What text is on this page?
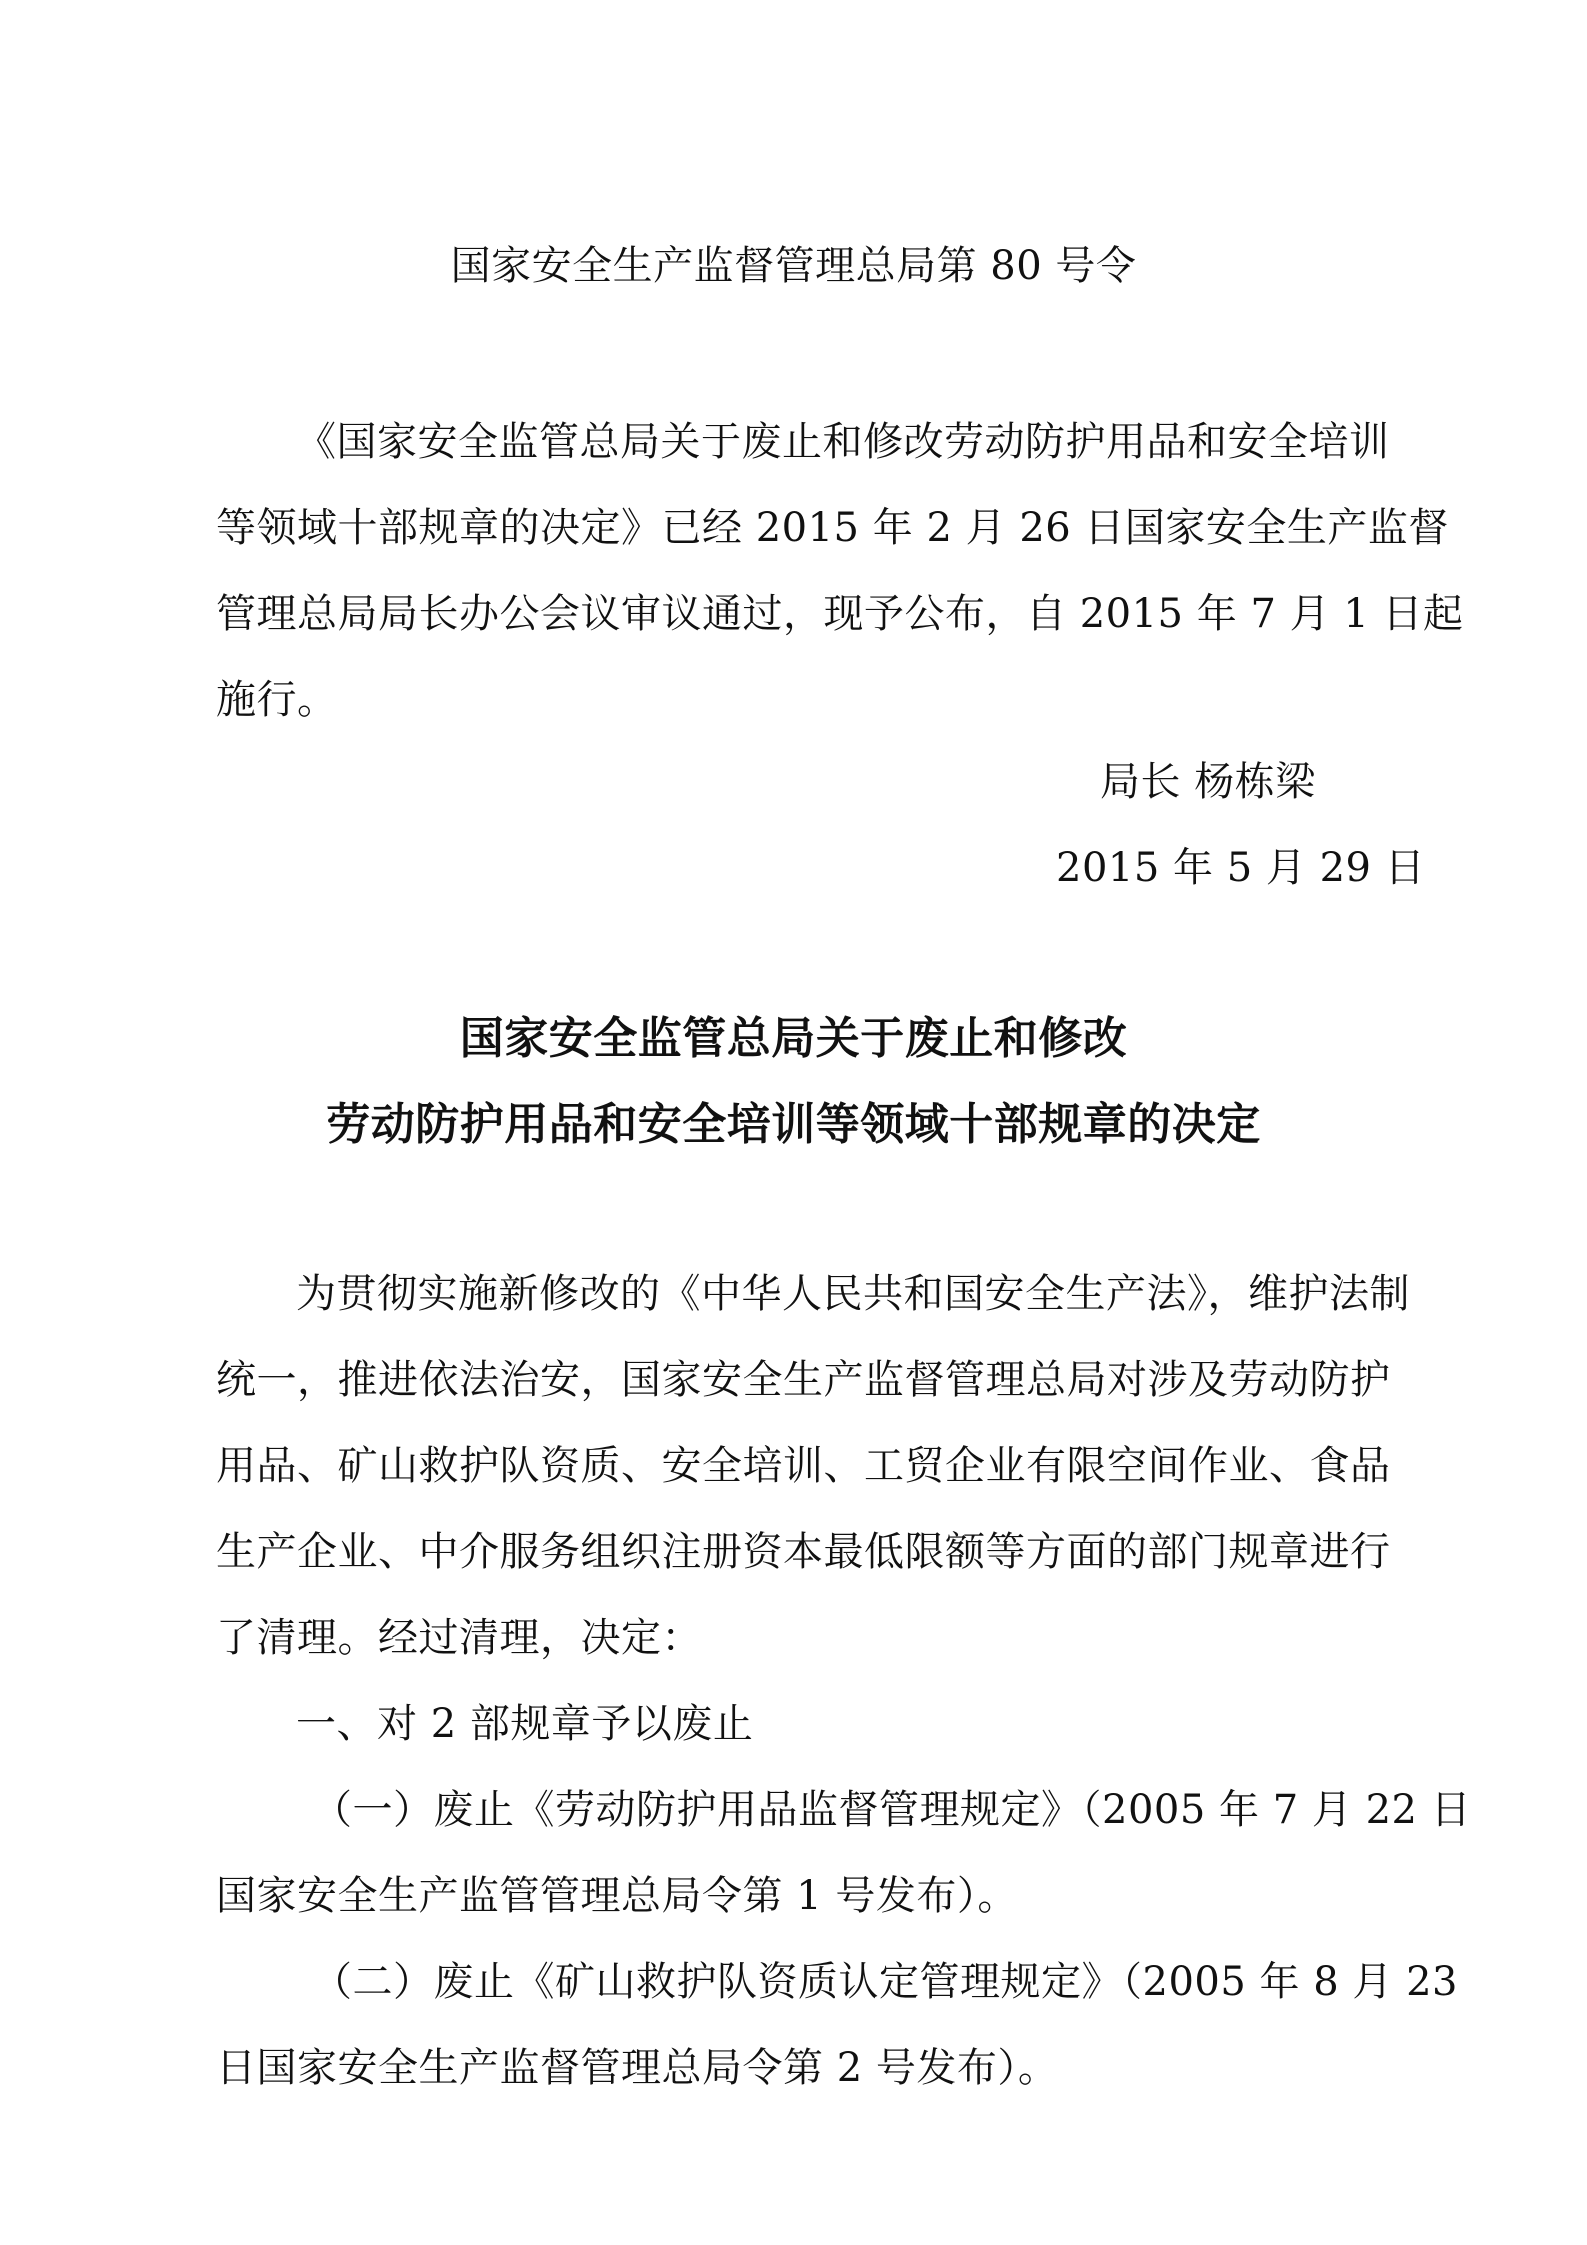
国家安全生产监督管理总局第 80 号令
《国家安全监管总局关于废止和修改劳动防护用品和安全培训
等领域十部规章的决定》已经 2015 年 2 月 26 日国家安全生产监督
管理总局局长办公会议审议通过，现予公布，自 2015 年 7 月 1 日起
施行。
局长 杨栋梁
2015 年 5 月 29 日
国家安全监管总局关于废止和修改
劳动防护用品和安全培训等领域十部规章的决定
为贯彻实施新修改的《中华人民共和国安全生产法》，维护法制
统一，推进依法治安，国家安全生产监督管理总局对涉及劳动防护
用品、矿山救护队资质、安全培训、工贸企业有限空间作业、食品
生产企业、中介服务组织注册资本最低限额等方面的部门规章进行
了清理。经过清理，决定：
一、对 2 部规章予以废止
（一）废止《劳动防护用品监督管理规定》（2005 年 7 月 22 日
国家安全生产监管管理总局令第 1 号发布）。
（二）废止《矿山救护队资质认定管理规定》（2005 年 8 月 23
日国家安全生产监督管理总局令第 2 号发布）。
